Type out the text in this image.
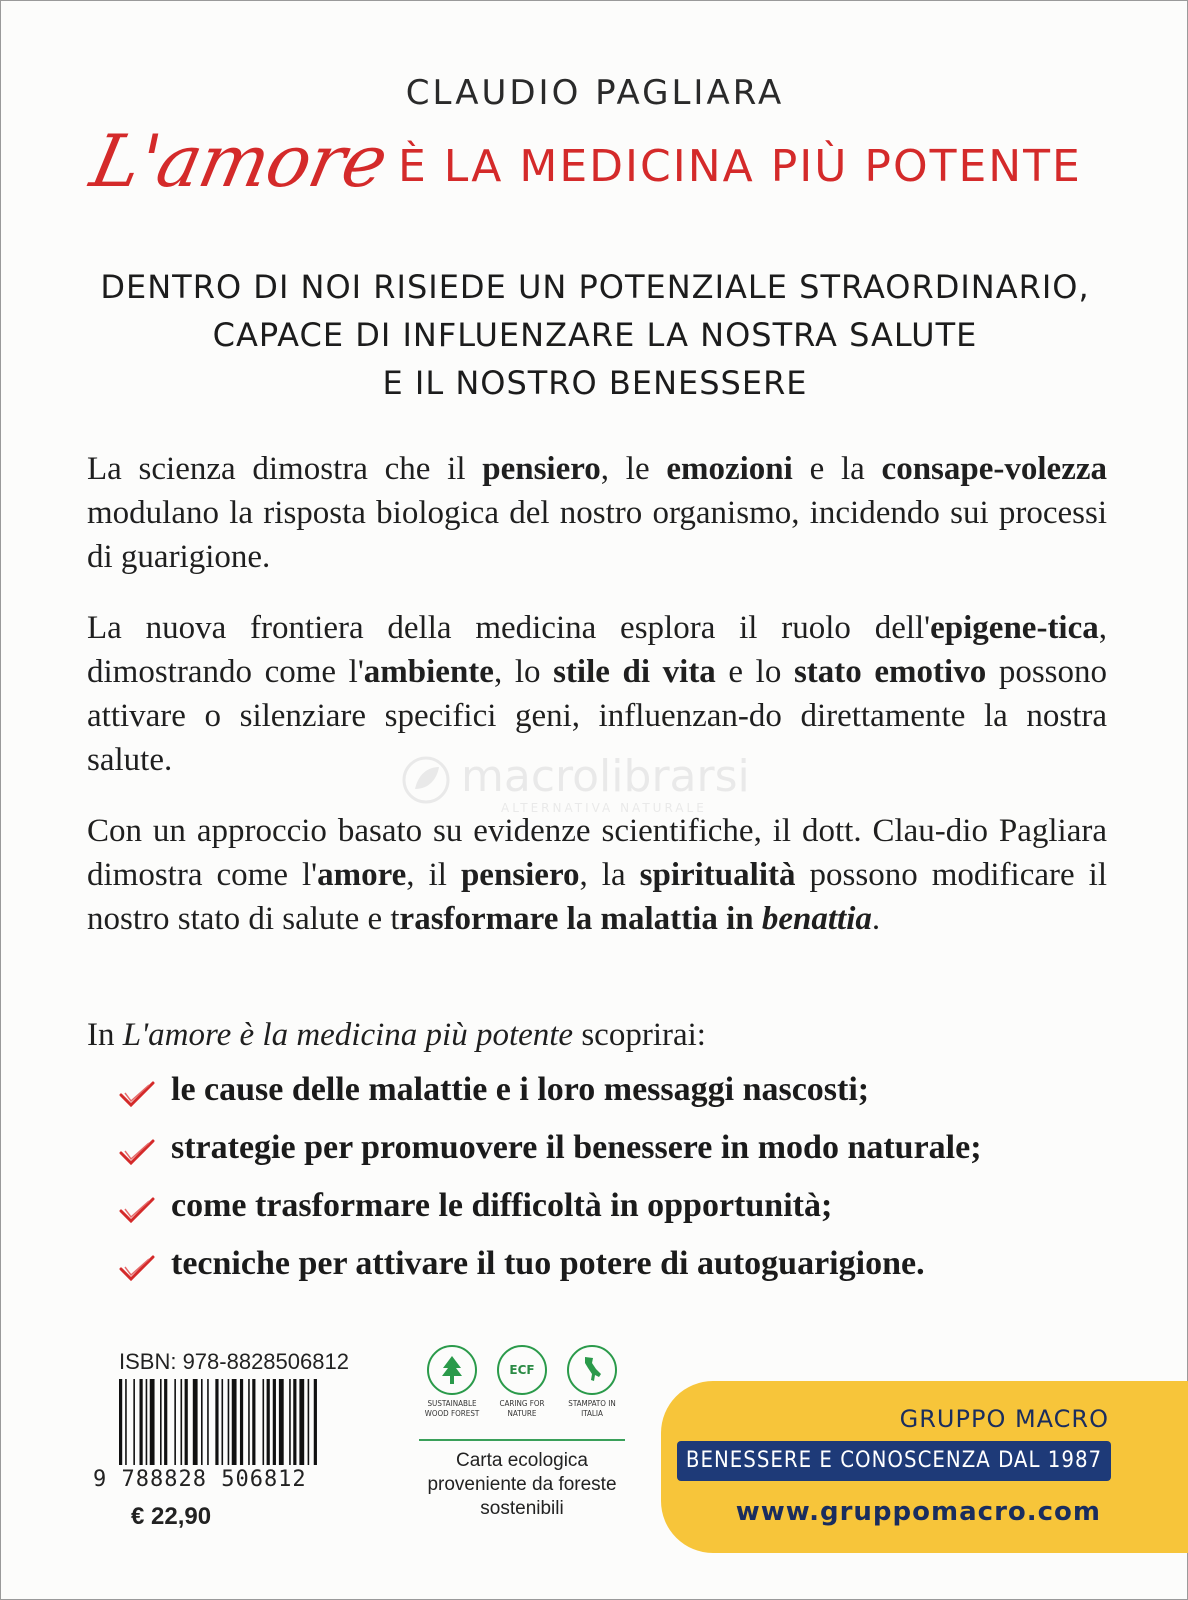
CLAUDIO PAGLIARA
L'amore È LA MEDICINA PIÙ POTENTE
DENTRO DI NOI RISIEDE UN POTENZIALE STRAORDINARIO,
CAPACE DI INFLUENZARE LA NOSTRA SALUTE
E IL NOSTRO BENESSERE
La scienza dimostra che il pensiero, le emozioni e la consape-volezza modulano la risposta biologica del nostro organismo, incidendo sui processi di guarigione.
La nuova frontiera della medicina esplora il ruolo dell'epigene-tica, dimostrando come l'ambiente, lo stile di vita e lo stato emotivo possono attivare o silenziare specifici geni, influenzan-do direttamente la nostra salute.
Con un approccio basato su evidenze scientifiche, il dott. Clau-dio Pagliara dimostra come l'amore, il pensiero, la spiritualità possono modificare il nostro stato di salute e trasformare la malattia in benattia.
In L'amore è la medicina più potente scoprirai:
le cause delle malattie e i loro messaggi nascosti;
strategie per promuovere il benessere in modo naturale;
come trasformare le difficoltà in opportunità;
tecniche per attivare il tuo potere di autoguarigione.
macrolibrarsi
ALTERNATIVA NATURALE
ISBN: 978-8828506812
9 788828 506812
€ 22,90
SUSTAINABLE WOOD FOREST
ECF
CARING FOR NATURE
STAMPATO IN ITALIA
Carta ecologica proveniente da foreste sostenibili
GRUPPO MACRO
BENESSERE E CONOSCENZA DAL 1987
www.gruppomacro.com
